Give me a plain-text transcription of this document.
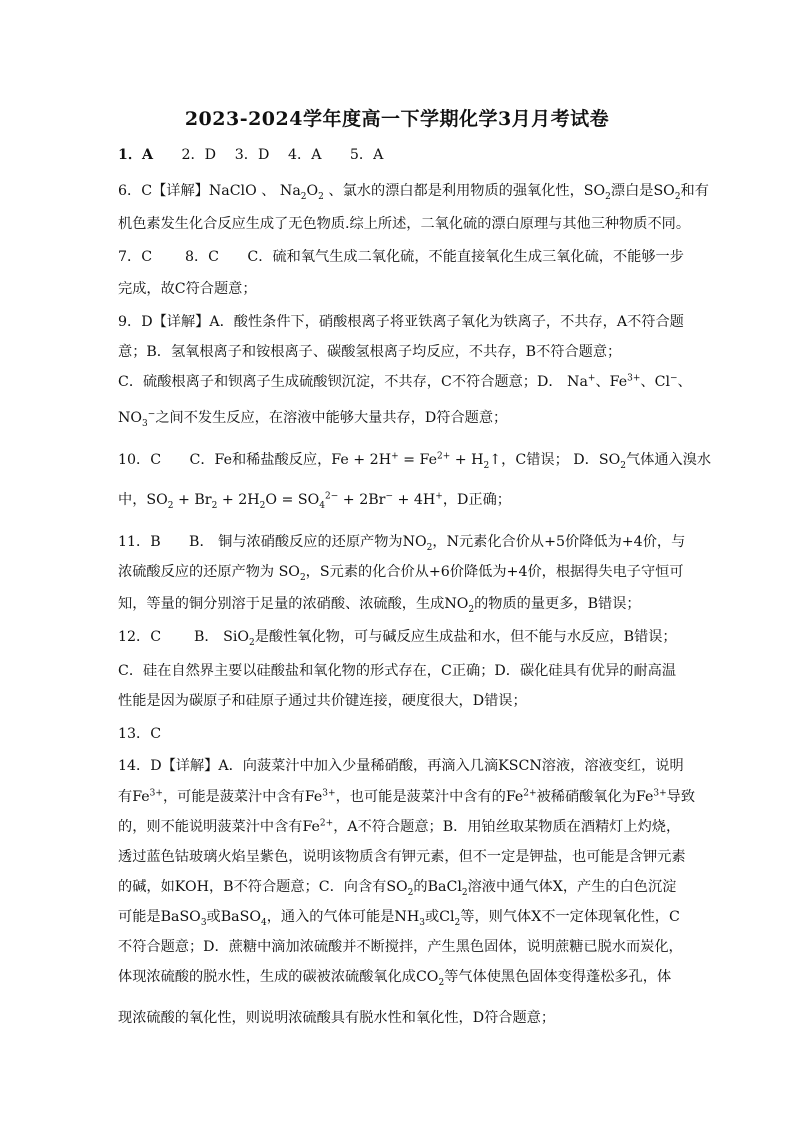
2023-2024学年度高一下学期化学3月月考试卷
1．A　　2．D　 3．D　 4．A　　5．A
6．C【详解】NaClO 、 $Na_2O_2$ 、氯水的漂白都是利用物质的强氧化性，$SO_2$漂白是$SO_2$和有
机色素发生化合反应生成了无色物质.综上所述，二氧化硫的漂白原理与其他三种物质不同。
7．C　　 8．C　　C．硫和氧气生成二氧化硫，不能直接氧化生成三氧化硫，不能够一步
完成，故C符合题意；
9．D【详解】A．酸性条件下，硝酸根离子将亚铁离子氧化为铁离子，不共存，A不符合题
意；B．氢氧根离子和铵根离子、碳酸氢根离子均反应，不共存，B不符合题意；
C．硫酸根离子和钡离子生成硫酸钡沉淀，不共存，C不符合题意；D． Na+、$Fe^{3+}$、Cl−、
$NO_3^-$之间不发生反应，在溶液中能够大量共存，D符合题意；
10．C　　C．Fe和稀盐酸反应，$Fe + 2H^+ = Fe^{2+}$ + $H_2↑$，C错误； D．$SO_2$气体通入溴水
中，$SO_2 + Br_2 + 2H_2O = SO_4^{2-} + 2Br^- + 4H^+$，D正确；
11．B　　B． 铜与浓硝酸反应的还原产物为$NO_2$，N元素化合价从+5价降低为+4价，与
浓硫酸反应的还原产物为 $SO_2$，S元素的化合价从+6价降低为+4价，根据得失电子守恒可
知，等量的铜分别溶于足量的浓硝酸、浓硫酸，生成$NO_2$的物质的量更多，B错误；
12．C　　 B． SiO$_2$是酸性氧化物，可与碱反应生成盐和水，但不能与水反应，B错误；
C．硅在自然界主要以硅酸盐和氧化物的形式存在，C正确；D．碳化硅具有优异的耐高温
性能是因为碳原子和硅原子通过共价键连接，硬度很大，D错误；
13．C
14．D【详解】A．向菠菜汁中加入少量稀硝酸，再滴入几滴KSCN溶液，溶液变红，说明
有$Fe^{3+}$，可能是菠菜汁中含有$Fe^{3+}$，也可能是菠菜汁中含有的$Fe^{2+}$被稀硝酸氧化为$Fe^{3+}$导致
的，则不能说明菠菜汁中含有$Fe^{2+}$，A不符合题意；B．用铂丝取某物质在酒精灯上灼烧，
透过蓝色钴玻璃火焰呈紫色，说明该物质含有钾元素，但不一定是钾盐，也可能是含钾元素
的碱，如KOH，B不符合题意；C．向含有$SO_2$的BaCl$_2$溶液中通气体X，产生的白色沉淀
可能是BaSO$_3$或BaSO$_4$，通入的气体可能是$NH_3$或$Cl_2$等，则气体X不一定体现氧化性，C
不符合题意；D．蔗糖中滴加浓硫酸并不断搅拌，产生黑色固体，说明蔗糖已脱水而炭化，
体现浓硫酸的脱水性，生成的碳被浓硫酸氧化成$CO_2$等气体使黑色固体变得蓬松多孔，体
现浓硫酸的氧化性，则说明浓硫酸具有脱水性和氧化性，D符合题意；
